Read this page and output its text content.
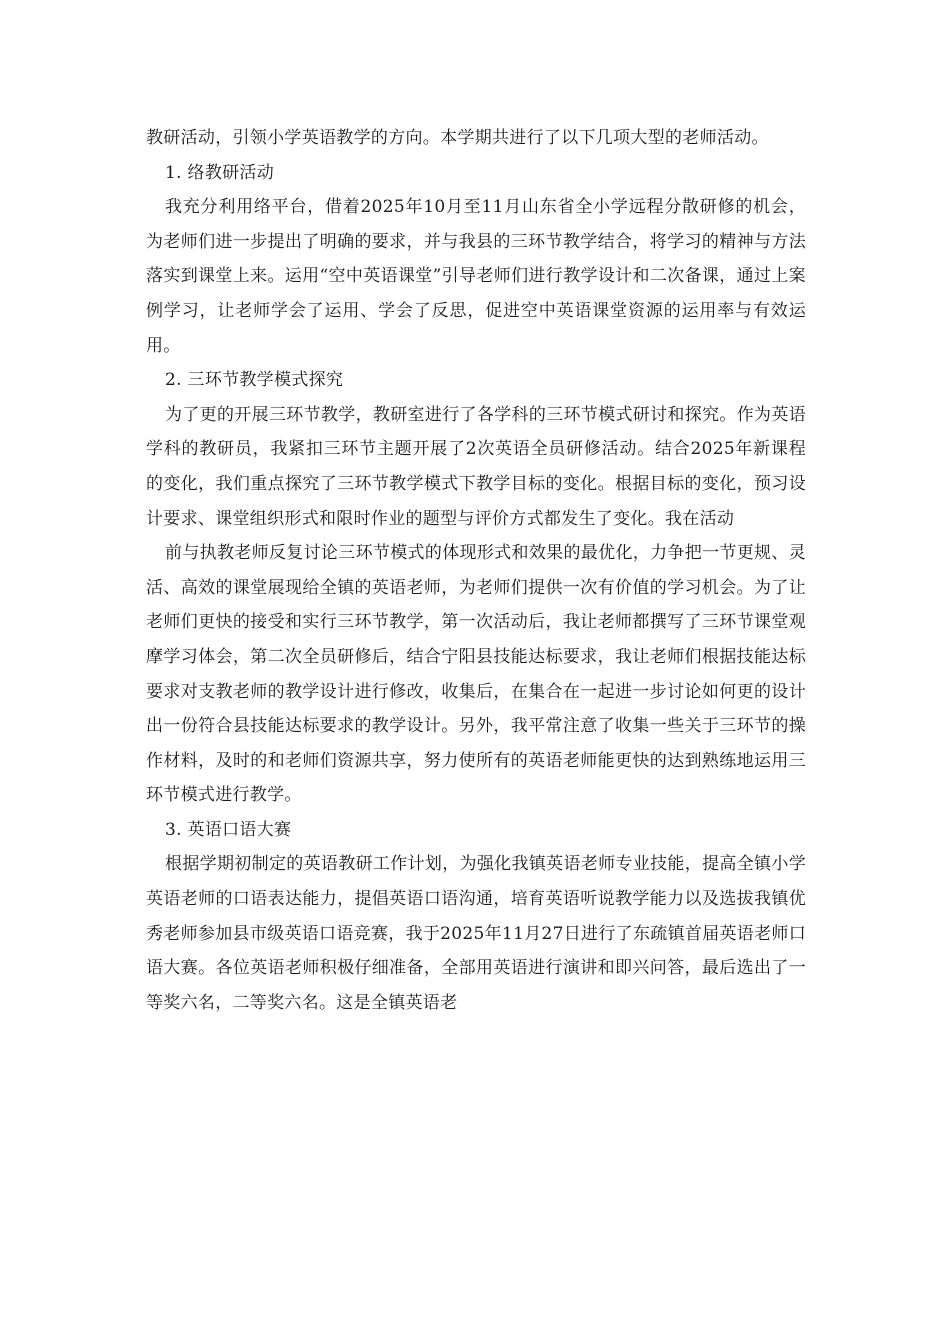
教研活动，引领小学英语教学的方向。本学期共进行了以下几项大型的老师活动。

1. 络教研活动

我充分利用络平台，借着2025年10月至11月山东省全小学远程分散研修的机会，为老师们进一步提出了明确的要求，并与我县的三环节教学结合，将学习的精神与方法落实到课堂上来。运用“空中英语课堂”引导老师们进行教学设计和二次备课，通过上案例学习，让老师学会了运用、学会了反思，促进空中英语课堂资源的运用率与有效运用。

2. 三环节教学模式探究

为了更的开展三环节教学，教研室进行了各学科的三环节模式研讨和探究。作为英语学科的教研员，我紧扣三环节主题开展了2次英语全员研修活动。结合2025年新课程的变化，我们重点探究了三环节教学模式下教学目标的变化。根据目标的变化，预习设计要求、课堂组织形式和限时作业的题型与评价方式都发生了变化。我在活动

前与执教老师反复讨论三环节模式的体现形式和效果的最优化，力争把一节更规、灵活、高效的课堂展现给全镇的英语老师，为老师们提供一次有价值的学习机会。为了让老师们更快的接受和实行三环节教学，第一次活动后，我让老师都撰写了三环节课堂观摩学习体会，第二次全员研修后，结合宁阳县技能达标要求，我让老师们根据技能达标要求对支教老师的教学设计进行修改，收集后，在集合在一起进一步讨论如何更的设计出一份符合县技能达标要求的教学设计。另外，我平常注意了收集一些关于三环节的操作材料，及时的和老师们资源共享，努力使所有的英语老师能更快的达到熟练地运用三环节模式进行教学。

3. 英语口语大赛

根据学期初制定的英语教研工作计划，为强化我镇英语老师专业技能，提高全镇小学英语老师的口语表达能力，提倡英语口语沟通，培育英语听说教学能力以及选拔我镇优秀老师参加县市级英语口语竞赛，我于2025年11月27日进行了东疏镇首届英语老师口语大赛。各位英语老师积极仔细准备，全部用英语进行演讲和即兴问答，最后选出了一等奖六名，二等奖六名。这是全镇英语老
